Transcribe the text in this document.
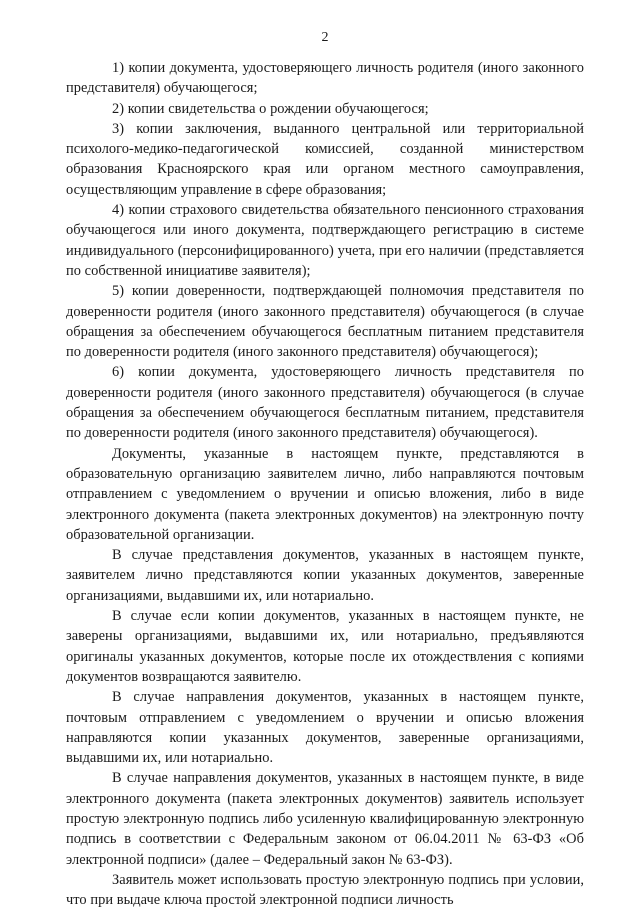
2

1) копии документа, удостоверяющего личность родителя (иного законного представителя) обучающегося;

2) копии свидетельства о рождении обучающегося;

3) копии заключения, выданного центральной или территориальной психолого-медико-педагогической комиссией, созданной министерством образования Красноярского края или органом местного самоуправления, осуществляющим управление в сфере образования;

4) копии страхового свидетельства обязательного пенсионного страхования обучающегося или иного документа, подтверждающего регистрацию в системе индивидуального (персонифицированного) учета, при его наличии (представляется по собственной инициативе заявителя);

5) копии доверенности, подтверждающей полномочия представителя по доверенности родителя (иного законного представителя) обучающегося (в случае обращения за обеспечением обучающегося бесплатным питанием представителя по доверенности родителя (иного законного представителя) обучающегося);

6) копии документа, удостоверяющего личность представителя по доверенности родителя (иного законного представителя) обучающегося (в случае обращения за обеспечением обучающегося бесплатным питанием, представителя по доверенности родителя (иного законного представителя) обучающегося).

Документы, указанные в настоящем пункте, представляются в образовательную организацию заявителем лично, либо направляются почтовым отправлением с уведомлением о вручении и описью вложения, либо в виде электронного документа (пакета электронных документов) на электронную почту образовательной организации.

В случае представления документов, указанных в настоящем пункте, заявителем лично представляются копии указанных документов, заверенные организациями, выдавшими их, или нотариально.

В случае если копии документов, указанных в настоящем пункте, не заверены организациями, выдавшими их, или нотариально, предъявляются оригиналы указанных документов, которые после их отождествления с копиями документов возвращаются заявителю.

В случае направления документов, указанных в настоящем пункте, почтовым отправлением с уведомлением о вручении и описью вложения направляются копии указанных документов, заверенные организациями, выдавшими их, или нотариально.

В случае направления документов, указанных в настоящем пункте, в виде электронного документа (пакета электронных документов) заявитель использует простую электронную подпись либо усиленную квалифицированную электронную подпись в соответствии с Федеральным законом от 06.04.2011 № 63-ФЗ «Об электронной подписи» (далее – Федеральный закон № 63-ФЗ).

Заявитель может использовать простую электронную подпись при условии, что при выдаче ключа простой электронной подписи личность
